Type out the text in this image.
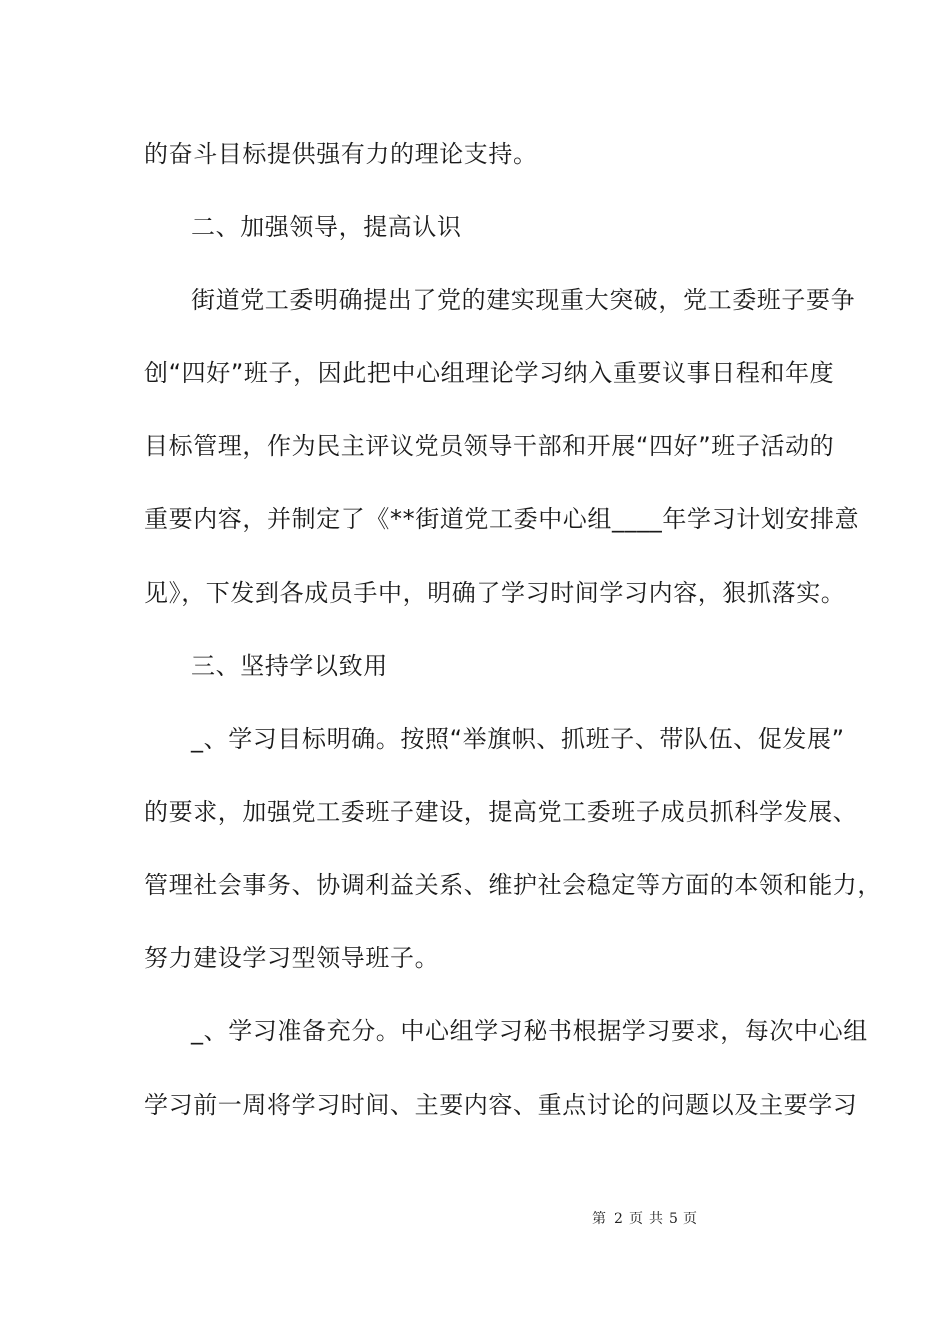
的奋斗目标提供强有力的理论支持。
二、加强领导，提高认识
街道党工委明确提出了党的建实现重大突破，党工委班子要争
创“四好”班子，因此把中心组理论学习纳入重要议事日程和年度
目标管理，作为民主评议党员领导干部和开展“四好”班子活动的
重要内容，并制定了《**街道党工委中心组____年学习计划安排意
见》，下发到各成员手中，明确了学习时间学习内容，狠抓落实。
三、坚持学以致用
_、学习目标明确。按照“举旗帜、抓班子、带队伍、促发展”
的要求，加强党工委班子建设，提高党工委班子成员抓科学发展、
管理社会事务、协调利益关系、维护社会稳定等方面的本领和能力，
努力建设学习型领导班子。
_、学习准备充分。中心组学习秘书根据学习要求，每次中心组
学习前一周将学习时间、主要内容、重点讨论的问题以及主要学习
第 2 页 共 5 页
